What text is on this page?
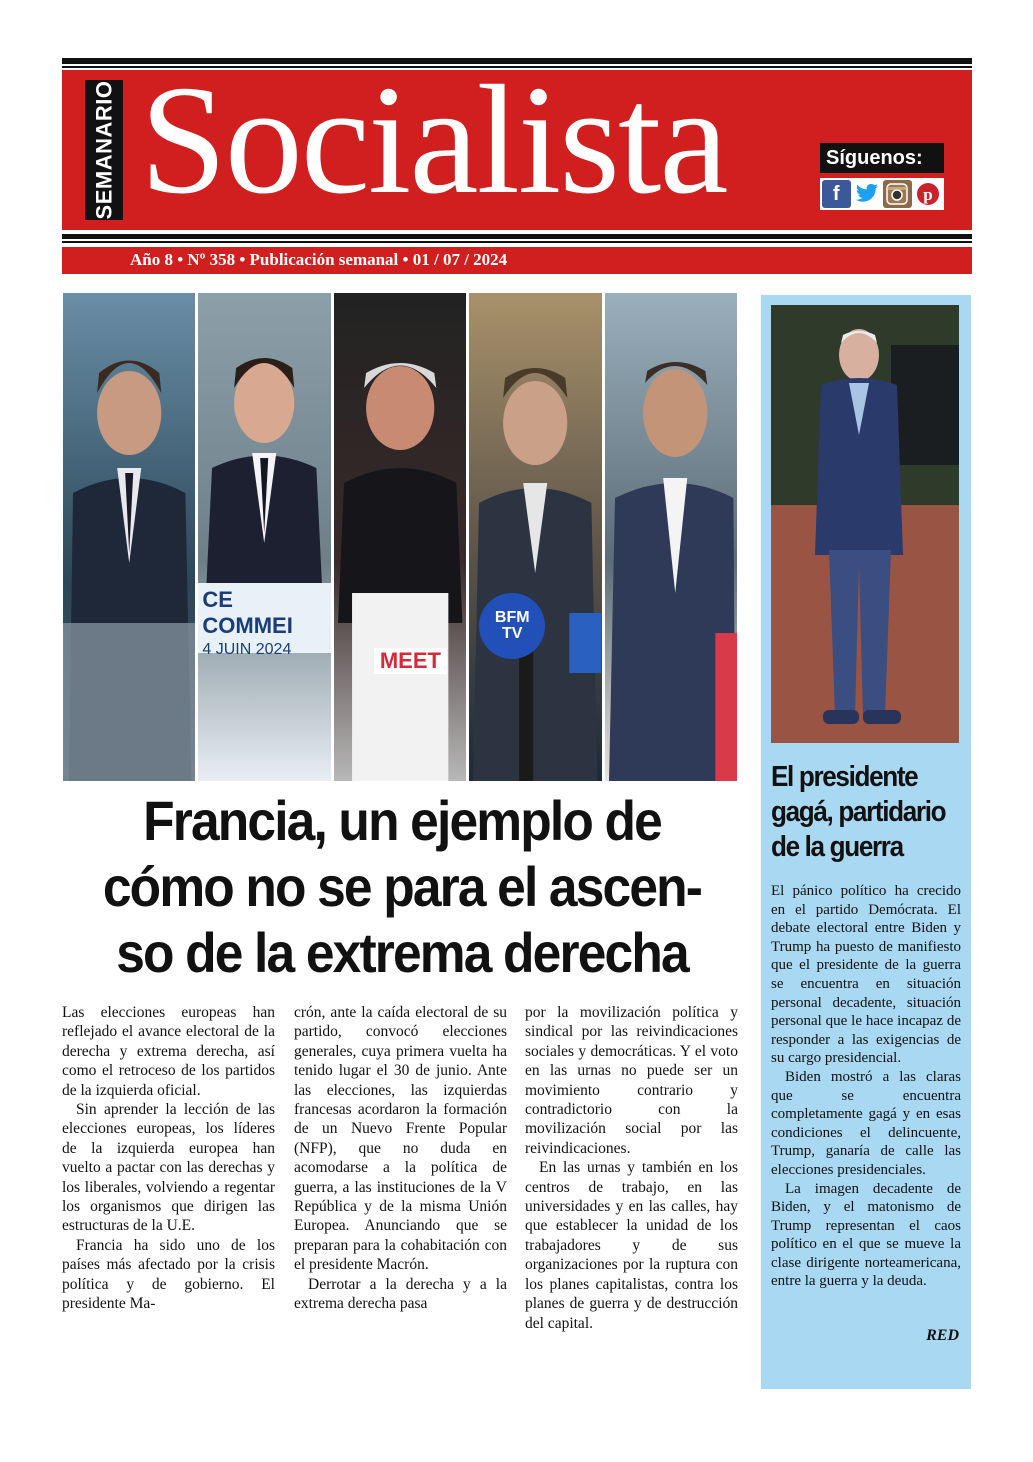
SEMANARIO Socialista	Síguenos:
f	p
Año 8 • Nº 358 • Publicación semanal • 01 / 07 / 2024
CE COMMEI
4 JUIN 2024	MEET
BFM
TV
Francia, un ejemplo de cómo no se para el ascen-so de la extrema derecha

Las elecciones europeas han reflejado el avance electoral de la derecha y extrema derecha, así como el retroceso de los partidos de la izquierda oficial.

Sin aprender la lección de las elecciones europeas, los líderes de la izquierda europea han vuelto a pactar con las derechas y los liberales, volviendo a regentar los organismos que dirigen las estructuras de la U.E.

Francia ha sido uno de los países más afectado por la crisis política y de gobierno. El presidente Ma-

crón, ante la caída electoral de su partido, convocó elecciones generales, cuya primera vuelta ha tenido lugar el 30 de junio. Ante las elecciones, las izquierdas francesas acordaron la formación de un Nuevo Frente Popular (NFP), que no duda en acomodarse a la política de guerra, a las instituciones de la V República y de la misma Unión Europea. Anunciando que se preparan para la cohabitación con el presidente Macrón.

Derrotar a la derecha y a la extrema derecha pasa

por la movilización política y sindical por las reivindicaciones sociales y democráticas. Y el voto en las urnas no puede ser un movimiento contrario y contradictorio con la movilización social por las reivindicaciones.

En las urnas y también en los centros de trabajo, en las universidades y en las calles, hay que establecer la unidad de los trabajadores y de sus organizaciones por la ruptura con los planes capitalistas, contra los planes de guerra y de destrucción del capital.

El presidente gagá, partidario de la guerra

El pánico político ha crecido en el partido Demócrata. El debate electoral entre Biden y Trump ha puesto de manifiesto que el presidente de la guerra se encuentra en situación personal decadente, situación personal que le hace incapaz de responder a las exigencias de su cargo presidencial.

Biden mostró a las claras que se encuentra completamente gagá y en esas condiciones el delincuente, Trump, ganaría de calle las elecciones presidenciales.

La imagen decadente de Biden, y el matonismo de Trump representan el caos político en el que se mueve la clase dirigente norteamericana, entre la guerra y la deuda.

RED
